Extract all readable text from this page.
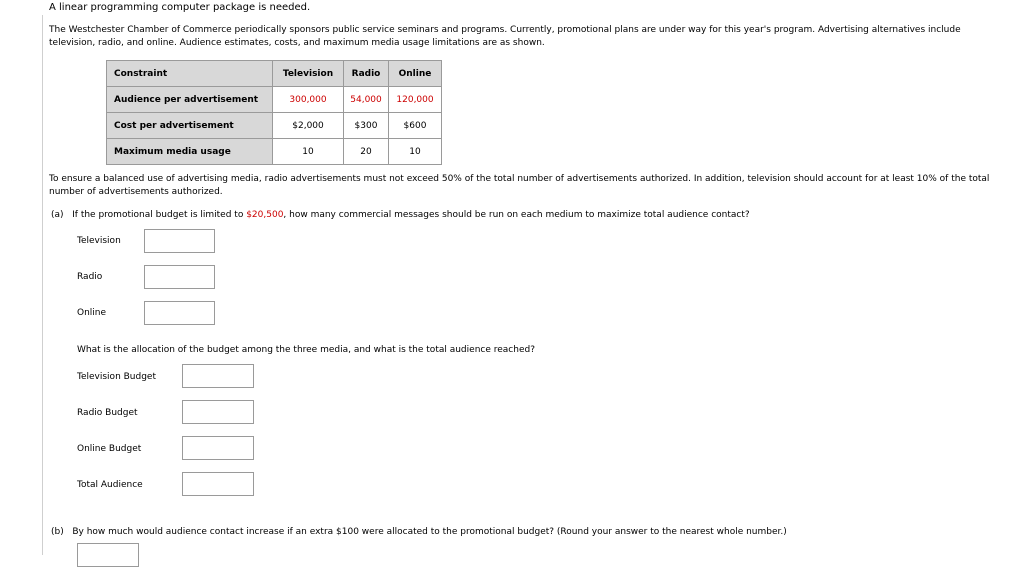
A linear programming computer package is needed.
The Westchester Chamber of Commerce periodically sponsors public service seminars and programs. Currently, promotional plans are under way for this year's program. Advertising alternatives include television, radio, and online. Audience estimates, costs, and maximum media usage limitations are as shown.
Constraint	Television	Radio	Online
Audience per advertisement	300,000	54,000	120,000
Cost per advertisement	$2,000	$300	$600
Maximum media usage	10	20	10
To ensure a balanced use of advertising media, radio advertisements must not exceed 50% of the total number of advertisements authorized. In addition, television should account for at least 10% of the total number of advertisements authorized.
(a) If the promotional budget is limited to $20,500, how many commercial messages should be run on each medium to maximize total audience contact?
Television
Radio
Online
What is the allocation of the budget among the three media, and what is the total audience reached?
Television Budget
Radio Budget
Online Budget
Total Audience
(b) By how much would audience contact increase if an extra $100 were allocated to the promotional budget? (Round your answer to the nearest whole number.)
